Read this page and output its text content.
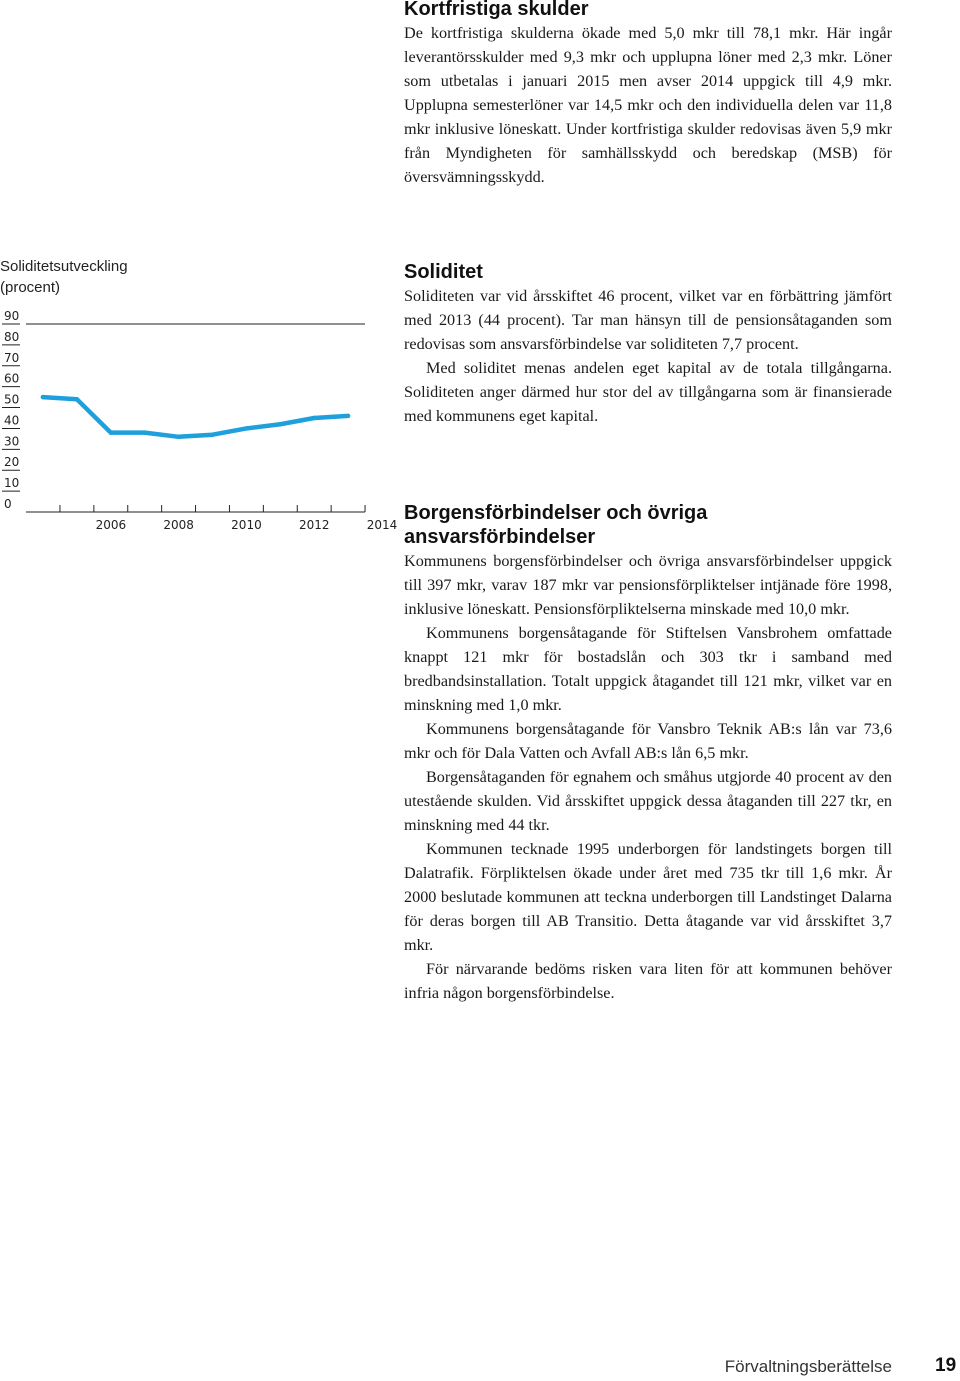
Kortfristiga skulder

De kortfristiga skulderna ökade med 5,0 mkr till 78,1 mkr. Här ingår leverantörsskulder med 9,3 mkr och upplupna löner med 2,3 mkr. Löner som utbetalas i januari 2015 men avser 2014 uppgick till 4,9 mkr. Upplupna semesterlöner var 14,5 mkr och den individuella delen var 11,8 mkr inklusive löneskatt. Under kortfristiga skulder redovisas även 5,9 mkr från Myndigheten för samhällsskydd och beredskap (MSB) för översvämningsskydd.

Soliditetsutveckling
(procent)
0
10
20
30
40
50
60
70
80
90
2006	2008	2010	2012	2014
Soliditet

Soliditeten var vid årsskiftet 46 procent, vilket var en förbättring jämfört med 2013 (44 procent). Tar man hänsyn till de pensionsåtaganden som redovisas som ansvarsförbindelse var soliditeten 7,7 procent.

Med soliditet menas andelen eget kapital av de totala tillgångarna. Soliditeten anger därmed hur stor del av tillgångarna som är finansierade med kommunens eget kapital.

Borgensförbindelser och övriga ansvarsförbindelser

Kommunens borgensförbindelser och övriga ansvarsförbindelser uppgick till 397 mkr, varav 187 mkr var pensionsförpliktelser intjänade före 1998, inklusive löneskatt. Pensionsförpliktelserna minskade med 10,0 mkr.

Kommunens borgensåtagande för Stiftelsen Vansbrohem omfattade knappt 121 mkr för bostadslån och 303 tkr i samband med bredbandsinstallation. Totalt uppgick åtagandet till 121 mkr, vilket var en minskning med 1,0 mkr.

Kommunens borgensåtagande för Vansbro Teknik AB:s lån var 73,6 mkr och för Dala Vatten och Avfall AB:s lån 6,5 mkr.

Borgensåtaganden för egnahem och småhus utgjorde 40 procent av den utestående skulden. Vid årsskiftet uppgick dessa åtaganden till 227 tkr, en minskning med 44 tkr.

Kommunen tecknade 1995 underborgen för landstingets borgen till Dalatrafik. Förpliktelsen ökade under året med 735 tkr till 1,6 mkr. År 2000 beslutade kommunen att teckna underborgen till Landstinget Dalarna för deras borgen till AB Transitio. Detta åtagande var vid årsskiftet 3,7 mkr.

För närvarande bedöms risken vara liten för att kommunen behöver infria någon borgensförbindelse.

Förvaltningsberättelse 19
